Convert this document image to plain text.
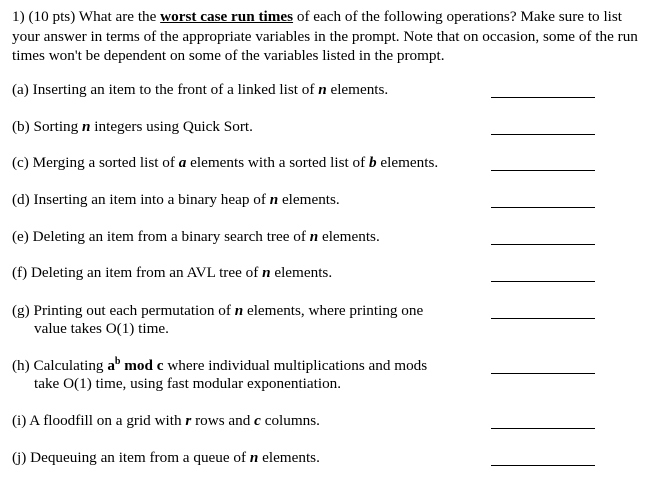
1) (10 pts) What are the worst case run times of each of the following operations? Make sure to list your answer in terms of the appropriate variables in the prompt. Note that on occasion, some of the run times won't be dependent on some of the variables listed in the prompt.
(a) Inserting an item to the front of a linked list of n elements.
(b) Sorting n integers using Quick Sort.
(c) Merging a sorted list of a elements with a sorted list of b elements.
(d) Inserting an item into a binary heap of n elements.
(e) Deleting an item from a binary search tree of n elements.
(f) Deleting an item from an AVL tree of n elements.
(g) Printing out each permutation of n elements, where printing one
value takes O(1) time.
(h) Calculating $a^b$ mod c where individual multiplications and mods
take O(1) time, using fast modular exponentiation.
(i) A floodfill on a grid with r rows and c columns.
(j) Dequeuing an item from a queue of n elements.
